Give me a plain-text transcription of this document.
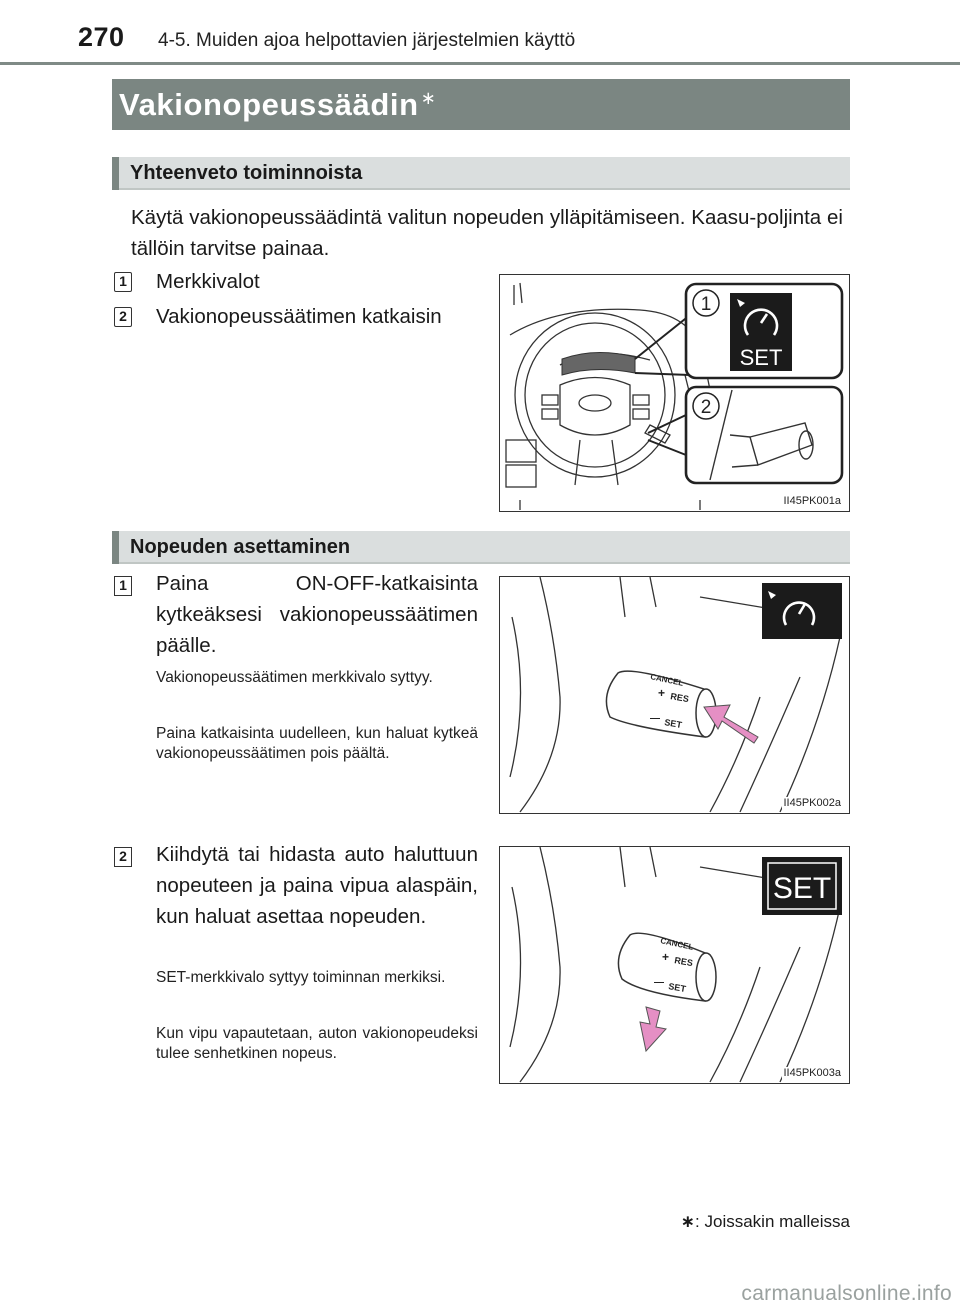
270 4-5. Muiden ajoa helpottavien järjestelmien käyttö
Vakionopeussäädin ∗
Yhteenveto toiminnoista
Käytä vakionopeussäädintä valitun nopeuden ylläpitämiseen. Kaasu-poljinta ei tällöin tarvitse painaa.
1 Merkkivalot
2 Vakionopeussäätimen katkaisin
1
SET
2
II45PK001a
Nopeuden asettaminen
1 Paina ON-OFF-katkaisinta kytkeäksesi vakionopeussäätimen päälle.
Vakionopeussäätimen merkkivalo syttyy.
Paina katkaisinta uudelleen, kun haluat kytkeä vakionopeussäätimen pois päältä.
CANCEL
+ RES
— SET
II45PK002a
2 Kiihdytä tai hidasta auto haluttuun nopeuteen ja paina vipua alaspäin, kun haluat asettaa nopeuden.
SET-merkkivalo syttyy toiminnan merkiksi.
Kun vipu vapautetaan, auton vakionopeudeksi tulee senhetkinen nopeus.
SET
CANCEL
+ RES
— SET
II45PK003a
∗: Joissakin malleissa
carmanualsonline.info
